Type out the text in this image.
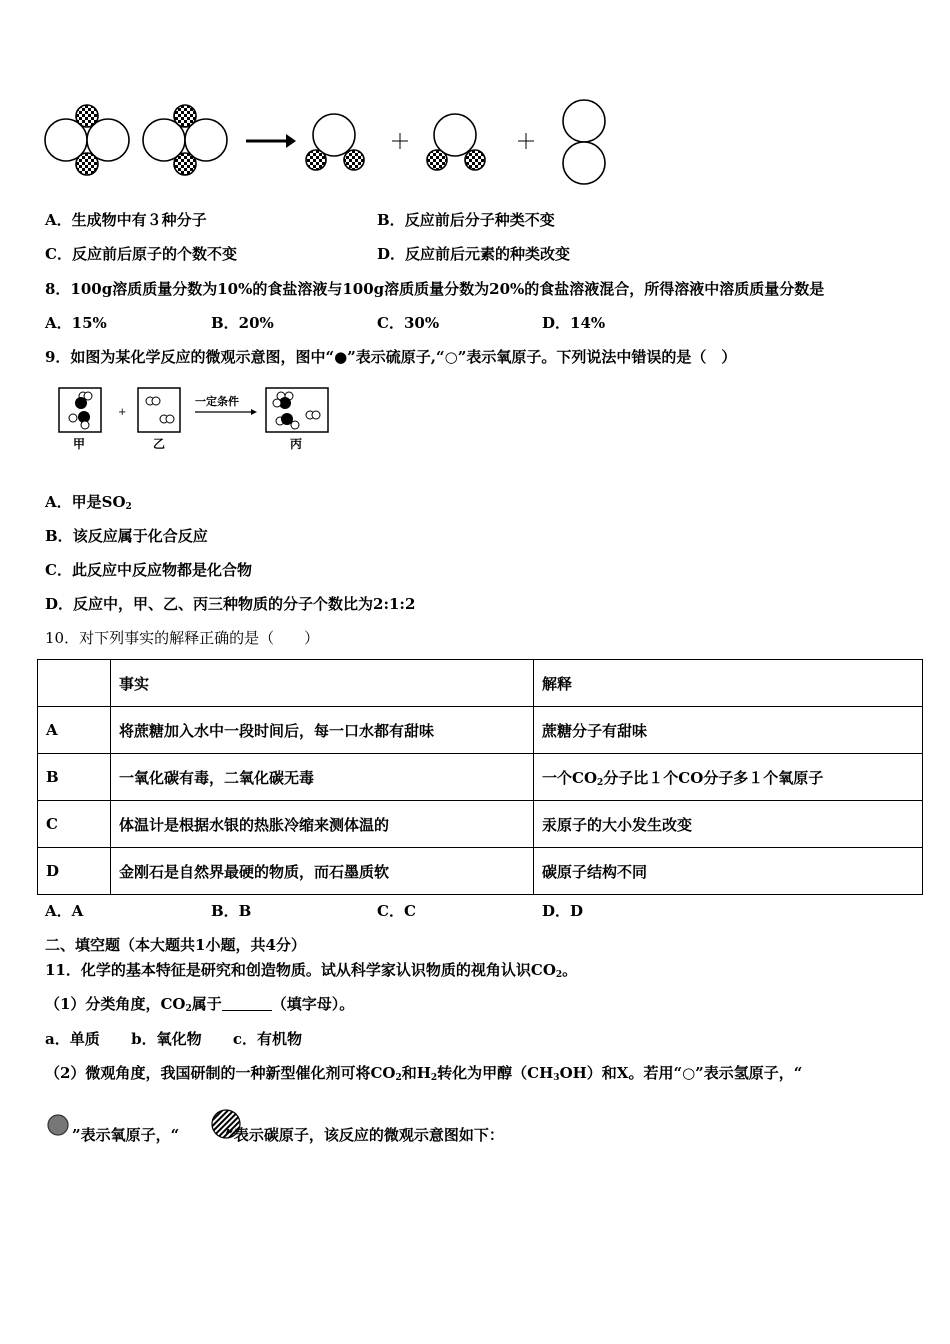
A．生成物中有３种分子	B．反应前后分子种类不变
C．反应前后原子的个数不变	D．反应前后元素的种类改变
8．100g溶质质量分数为10%的食盐溶液与100g溶质质量分数为20%的食盐溶液混合，所得溶液中溶质质量分数是
A．15%	B．20%	C．30%	D．14%
9．如图为某化学反应的微观示意图，图中“●”表示硫原子,“○”表示氧原子。下列说法中错误的是（　）
+
一定条件
甲	乙	丙
A．甲是$SO_2$
B．该反应属于化合反应
C．此反应中反应物都是化合物
D．反应中，甲、乙、丙三种物质的分子个数比为2:1:2
10．对下列事实的解释正确的是（　　）
	事实	解释
A	将蔗糖加入水中一段时间后，每一口水都有甜味	蔗糖分子有甜味
B	一氧化碳有毒，二氧化碳无毒	一个$CO_2$分子比１个CO分子多１个氧原子
C	体温计是根据水银的热胀冷缩来测体温的	汞原子的大小发生改变
D	金刚石是自然界最硬的物质，而石墨质软	碳原子结构不同
A．A	B．B	C．C	D．D
二、填空题（本大题共1小题，共4分）
11．化学的基本特征是研究和创造物质。试从科学家认识物质的视角认识$CO_2$。
（1）分类角度，$CO_2$属于	（填字母）。
a．单质 b．氧化物 c．有机物
（2）微观角度，我国研制的一种新型催化剂可将$CO_2$和$H_2$转化为甲醇$(CH_3OH)$和X。若用“○”表示氢原子，“
”表示氧原子，“	”表示碳原子，该反应的微观示意图如下：
